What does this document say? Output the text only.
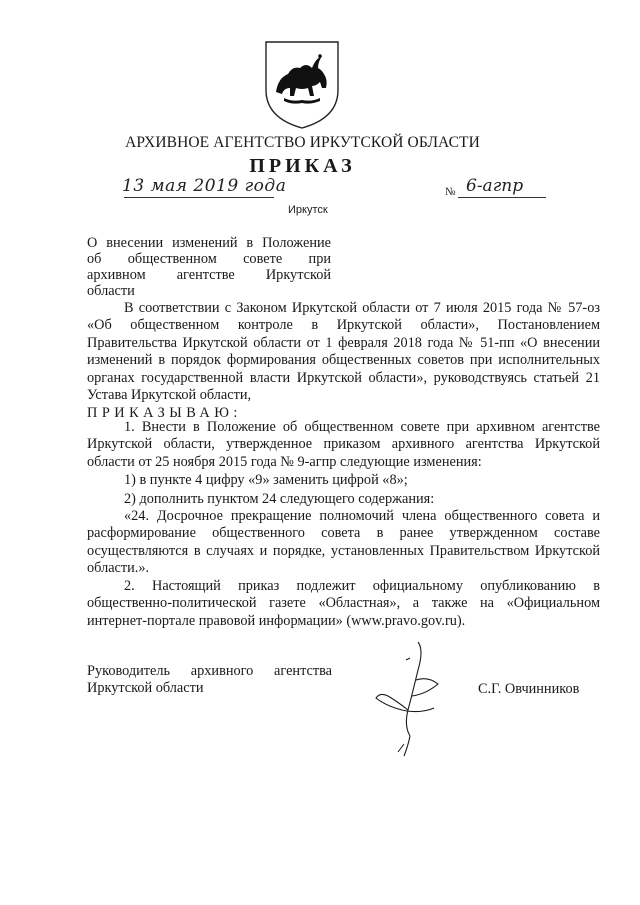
АРХИВНОЕ АГЕНТСТВО ИРКУТСКОЙ ОБЛАСТИ
ПРИКАЗ
13 мая 2019 года	№ 6-агпр
Иркутск
О внесении изменений в Положение
об общественном совете при
архивном агентстве Иркутской
области

В соответствии с Законом Иркутской области от 7 июля 2015 года № 57-оз «Об общественном контроле в Иркутской области», Постановлением Правительства Иркутской области от 1 февраля 2018 года № 51-пп «О внесении изменений в порядок формирования общественных советов при исполнительных органах государственной власти Иркутской области», руководствуясь статьей 21 Устава Иркутской области,

ПРИКАЗЫВАЮ:

1. Внести в Положение об общественном совете при архивном агентстве Иркутской области, утвержденное приказом архивного агентства Иркутской области от 25 ноября 2015 года № 9-агпр следующие изменения:

1) в пункте 4 цифру «9» заменить цифрой «8»;

2) дополнить пунктом 24 следующего содержания:

«24. Досрочное прекращение полномочий члена общественного совета и расформирование общественного совета в ранее утвержденном составе осуществляются в случаях и порядке, установленных Правительством Иркутской области.».

2. Настоящий приказ подлежит официальному опубликованию в общественно-политической газете «Областная», а также на «Официальном интернет-портале правовой информации» (www.pravo.gov.ru).

Руководитель архивного агентства
Иркутской области	С.Г. Овчинников
